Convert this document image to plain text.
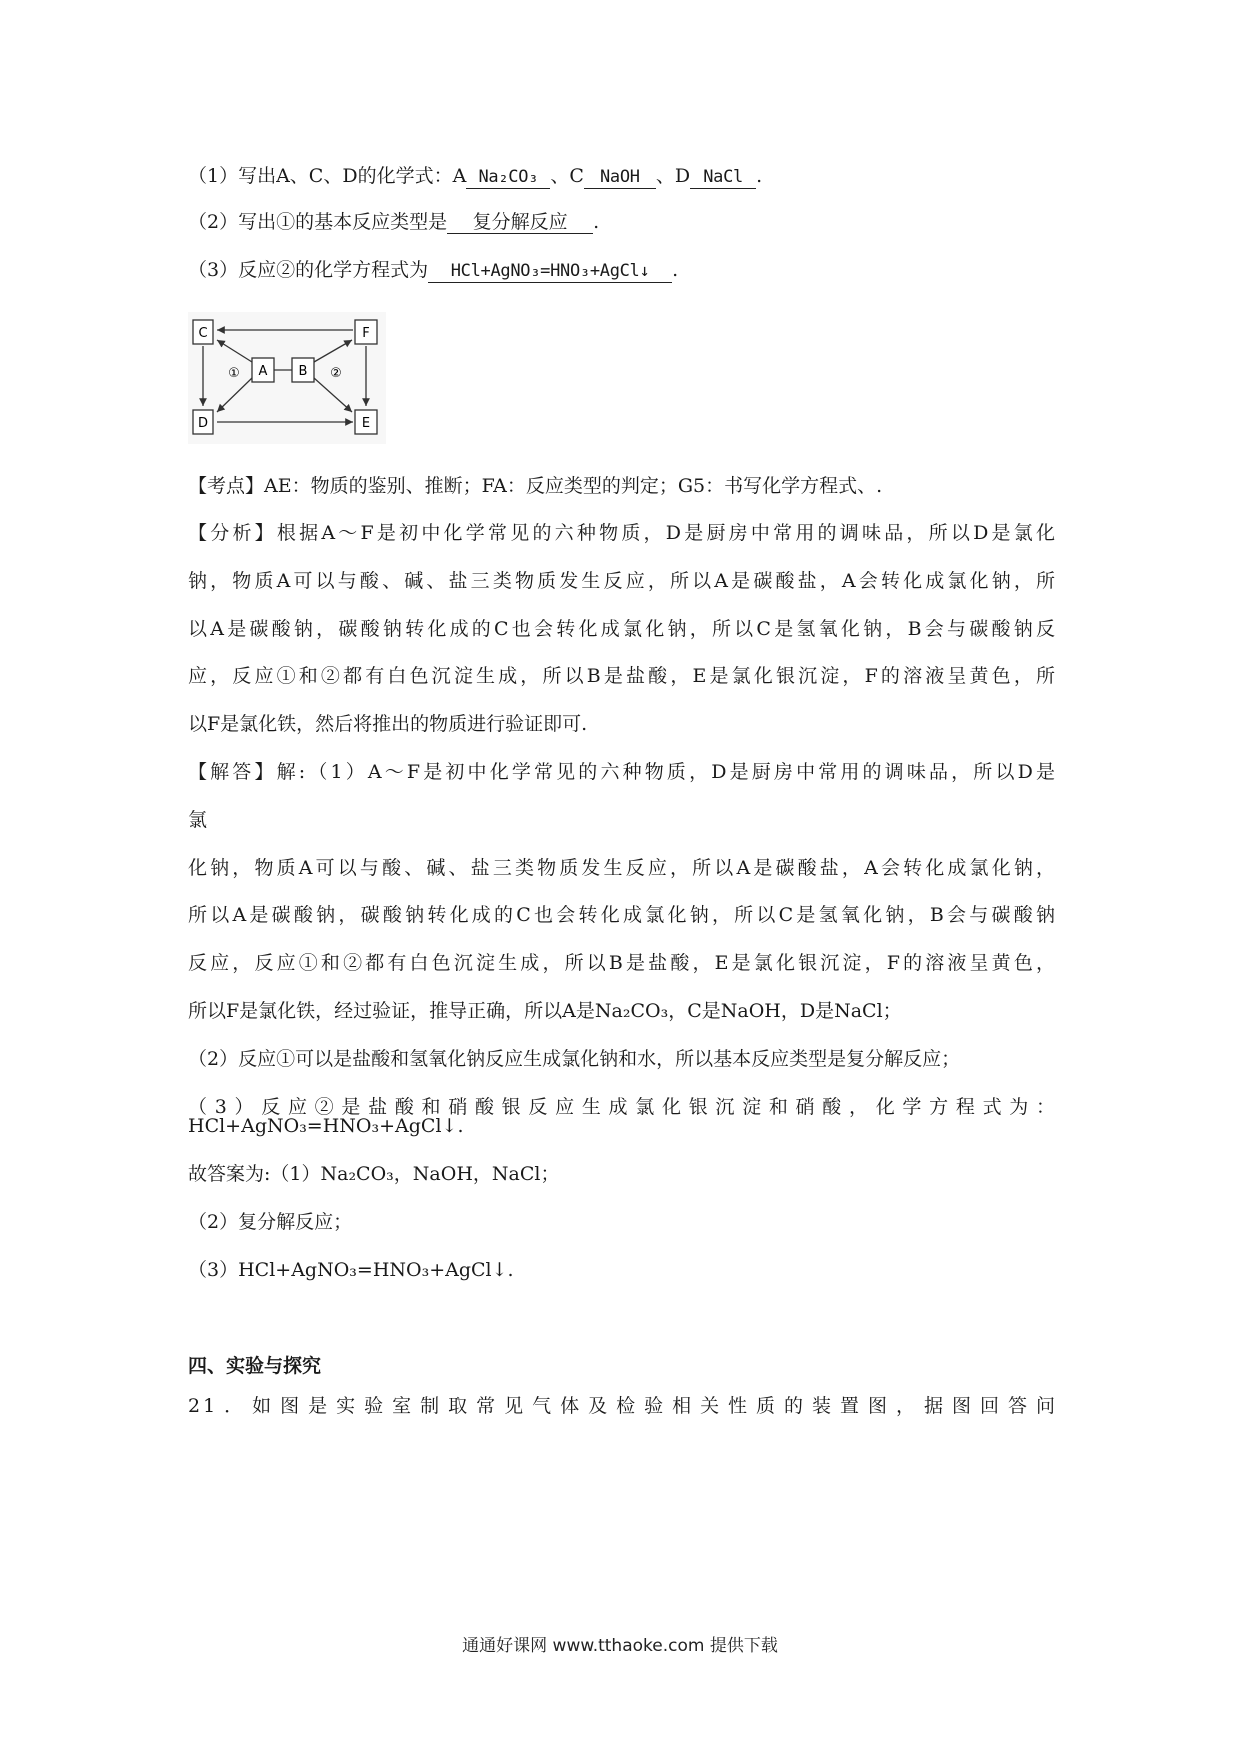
（1）写出A、C、D的化学式：A Na₂CO₃ 、C NaOH 、D NaCl .
（2）写出①的基本反应类型是 复分解反应 .
（3）反应②的化学方程式为 HCl+AgNO₃=HNO₃+AgCl↓ .
C	F
A B
D	E
①	②
【考点】AE：物质的鉴别、推断；FA：反应类型的判定；G5：书写化学方程式、.

【分析】根据A～F是初中化学常见的六种物质，D是厨房中常用的调味品，所以D是氯化

钠，物质A可以与酸、碱、盐三类物质发生反应，所以A是碳酸盐，A会转化成氯化钠，所

以A是碳酸钠，碳酸钠转化成的C也会转化成氯化钠，所以C是氢氧化钠，B会与碳酸钠反

应，反应①和②都有白色沉淀生成，所以B是盐酸，E是氯化银沉淀，F的溶液呈黄色，所

以F是氯化铁，然后将推出的物质进行验证即可.

【解答】解:（1）A～F是初中化学常见的六种物质，D是厨房中常用的调味品，所以D是氯

化钠，物质A可以与酸、碱、盐三类物质发生反应，所以A是碳酸盐，A会转化成氯化钠，

所以A是碳酸钠，碳酸钠转化成的C也会转化成氯化钠，所以C是氢氧化钠，B会与碳酸钠

反应，反应①和②都有白色沉淀生成，所以B是盐酸，E是氯化银沉淀，F的溶液呈黄色，

所以F是氯化铁，经过验证，推导正确，所以A是Na₂CO₃，C是NaOH，D是NaCl；

（2）反应①可以是盐酸和氢氧化钠反应生成氯化钠和水，所以基本反应类型是复分解反应；

（3）反应②是盐酸和硝酸银反应生成氯化银沉淀和硝酸，化学方程式为：

HCl+AgNO₃=HNO₃+AgCl↓.
故答案为:（1）Na₂CO₃，NaOH，NaCl；
（2）复分解反应；
（3）HCl+AgNO₃=HNO₃+AgCl↓.
四、实验与探究
21．如图是实验室制取常见气体及检验相关性质的装置图，据图回答问
通通好课网 www.tthaoke.com 提供下载
